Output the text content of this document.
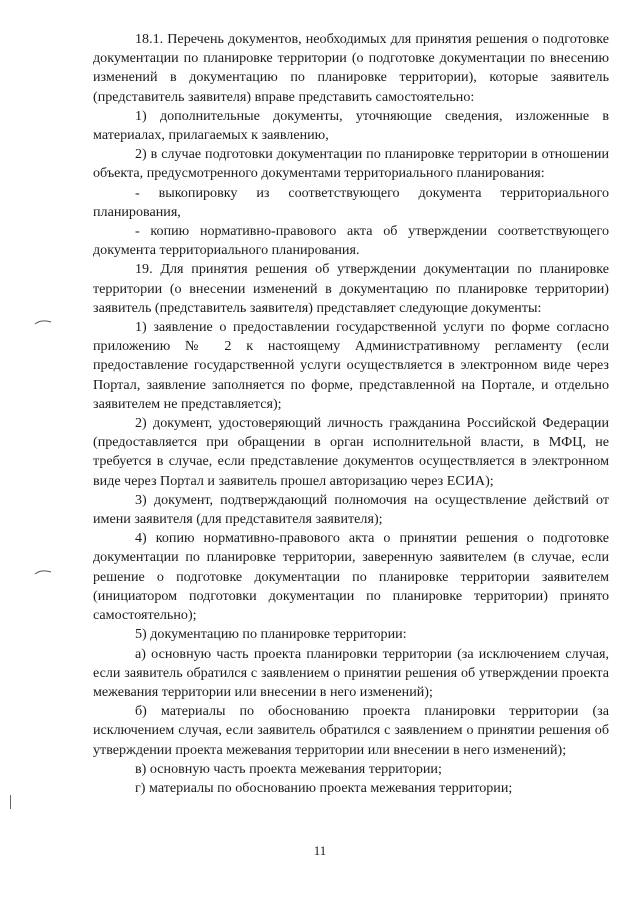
18.1. Перечень документов, необходимых для принятия решения о подготовке документации по планировке территории (о подготовке документации по внесению изменений в документацию по планировке территории), которые заявитель (представитель заявителя) вправе представить самостоятельно:

1) дополнительные документы, уточняющие сведения, изложенные в материалах, прилагаемых к заявлению,

2) в случае подготовки документации по планировке территории в отношении объекта, предусмотренного документами территориального планирования:

- выкопировку из соответствующего документа территориального планирования,

- копию нормативно-правового акта об утверждении соответствующего документа территориального планирования.

19. Для принятия решения об утверждении документации по планировке территории (о внесении изменений в документацию по планировке территории) заявитель (представитель заявителя) представляет следующие документы:

1) заявление о предоставлении государственной услуги по форме согласно приложению № 2 к настоящему Административному регламенту (если предоставление государственной услуги осуществляется в электронном виде через Портал, заявление заполняется по форме, представленной на Портале, и отдельно заявителем не представляется);

2) документ, удостоверяющий личность гражданина Российской Федерации (предоставляется при обращении в орган исполнительной власти, в МФЦ, не требуется в случае, если представление документов осуществляется в электронном виде через Портал и заявитель прошел авторизацию через ЕСИА);

3) документ, подтверждающий полномочия на осуществление действий от имени заявителя (для представителя заявителя);

4) копию нормативно-правового акта о принятии решения о подготовке документации по планировке территории, заверенную заявителем (в случае, если решение о подготовке документации по планировке территории заявителем (инициатором подготовки документации по планировке территории) принято самостоятельно);

5) документацию по планировке территории:

а) основную часть проекта планировки территории (за исключением случая, если заявитель обратился с заявлением о принятии решения об утверждении проекта межевания территории или внесении в него изменений);

б) материалы по обоснованию проекта планировки территории (за исключением случая, если заявитель обратился с заявлением о принятии решения об утверждении проекта межевания территории или внесении в него изменений);

в) основную часть проекта межевания территории;

г) материалы по обоснованию проекта межевания территории;

11
